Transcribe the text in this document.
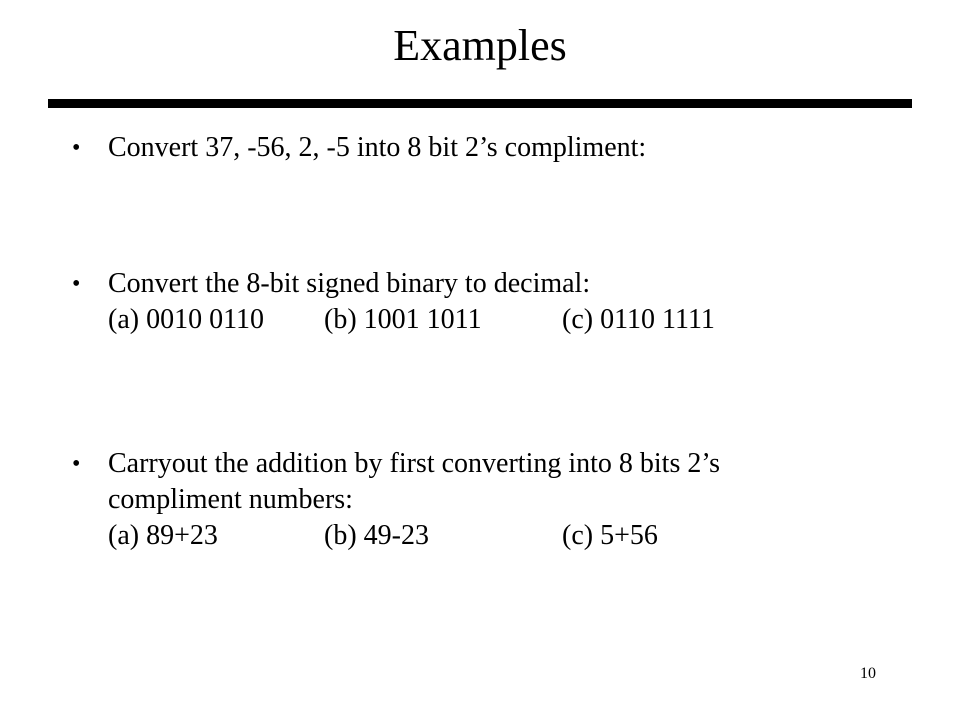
Examples
• Convert 37, -56, 2, -5 into 8 bit 2’s compliment:
• Convert the 8-bit signed binary to decimal:
(a) 0010 0110 (b) 1001 1011	(c) 0110 1111
• Carryout the addition by first converting into 8 bits 2’s
compliment numbers:
(a) 89+23	(b) 49-23	(c) 5+56
10
